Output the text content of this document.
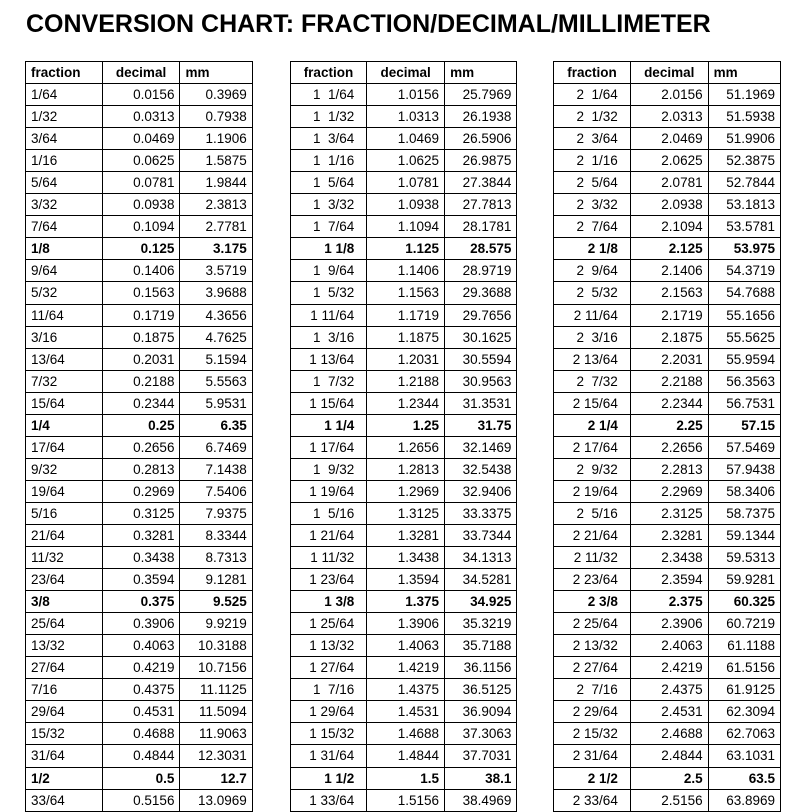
CONVERSION CHART: FRACTION/DECIMAL/MILLIMETER
fraction	decimal	mm		fraction	decimal	mm		fraction	decimal	mm
1/64	0.0156	0.3969		1  1/64	1.0156	25.7969		2  1/64	2.0156	51.1969
1/32	0.0313	0.7938		1  1/32	1.0313	26.1938		2  1/32	2.0313	51.5938
3/64	0.0469	1.1906		1  3/64	1.0469	26.5906		2  3/64	2.0469	51.9906
1/16	0.0625	1.5875		1  1/16	1.0625	26.9875		2  1/16	2.0625	52.3875
5/64	0.0781	1.9844		1  5/64	1.0781	27.3844		2  5/64	2.0781	52.7844
3/32	0.0938	2.3813		1  3/32	1.0938	27.7813		2  3/32	2.0938	53.1813
7/64	0.1094	2.7781		1  7/64	1.1094	28.1781		2  7/64	2.1094	53.5781
1/8	0.125	3.175		1 1/8	1.125	28.575		2 1/8	2.125	53.975
9/64	0.1406	3.5719		1  9/64	1.1406	28.9719		2  9/64	2.1406	54.3719
5/32	0.1563	3.9688		1  5/32	1.1563	29.3688		2  5/32	2.1563	54.7688
11/64	0.1719	4.3656		1 11/64	1.1719	29.7656		2 11/64	2.1719	55.1656
3/16	0.1875	4.7625		1  3/16	1.1875	30.1625		2  3/16	2.1875	55.5625
13/64	0.2031	5.1594		1 13/64	1.2031	30.5594		2 13/64	2.2031	55.9594
7/32	0.2188	5.5563		1  7/32	1.2188	30.9563		2  7/32	2.2188	56.3563
15/64	0.2344	5.9531		1 15/64	1.2344	31.3531		2 15/64	2.2344	56.7531
1/4	0.25	6.35		1 1/4	1.25	31.75		2 1/4	2.25	57.15
17/64	0.2656	6.7469		1 17/64	1.2656	32.1469		2 17/64	2.2656	57.5469
9/32	0.2813	7.1438		1  9/32	1.2813	32.5438		2  9/32	2.2813	57.9438
19/64	0.2969	7.5406		1 19/64	1.2969	32.9406		2 19/64	2.2969	58.3406
5/16	0.3125	7.9375		1  5/16	1.3125	33.3375		2  5/16	2.3125	58.7375
21/64	0.3281	8.3344		1 21/64	1.3281	33.7344		2 21/64	2.3281	59.1344
11/32	0.3438	8.7313		1 11/32	1.3438	34.1313		2 11/32	2.3438	59.5313
23/64	0.3594	9.1281		1 23/64	1.3594	34.5281		2 23/64	2.3594	59.9281
3/8	0.375	9.525		1 3/8	1.375	34.925		2 3/8	2.375	60.325
25/64	0.3906	9.9219		1 25/64	1.3906	35.3219		2 25/64	2.3906	60.7219
13/32	0.4063	10.3188		1 13/32	1.4063	35.7188		2 13/32	2.4063	61.1188
27/64	0.4219	10.7156		1 27/64	1.4219	36.1156		2 27/64	2.4219	61.5156
7/16	0.4375	11.1125		1  7/16	1.4375	36.5125		2  7/16	2.4375	61.9125
29/64	0.4531	11.5094		1 29/64	1.4531	36.9094		2 29/64	2.4531	62.3094
15/32	0.4688	11.9063		1 15/32	1.4688	37.3063		2 15/32	2.4688	62.7063
31/64	0.4844	12.3031		1 31/64	1.4844	37.7031		2 31/64	2.4844	63.1031
1/2	0.5	12.7		1 1/2	1.5	38.1		2 1/2	2.5	63.5
33/64	0.5156	13.0969		1 33/64	1.5156	38.4969		2 33/64	2.5156	63.8969
